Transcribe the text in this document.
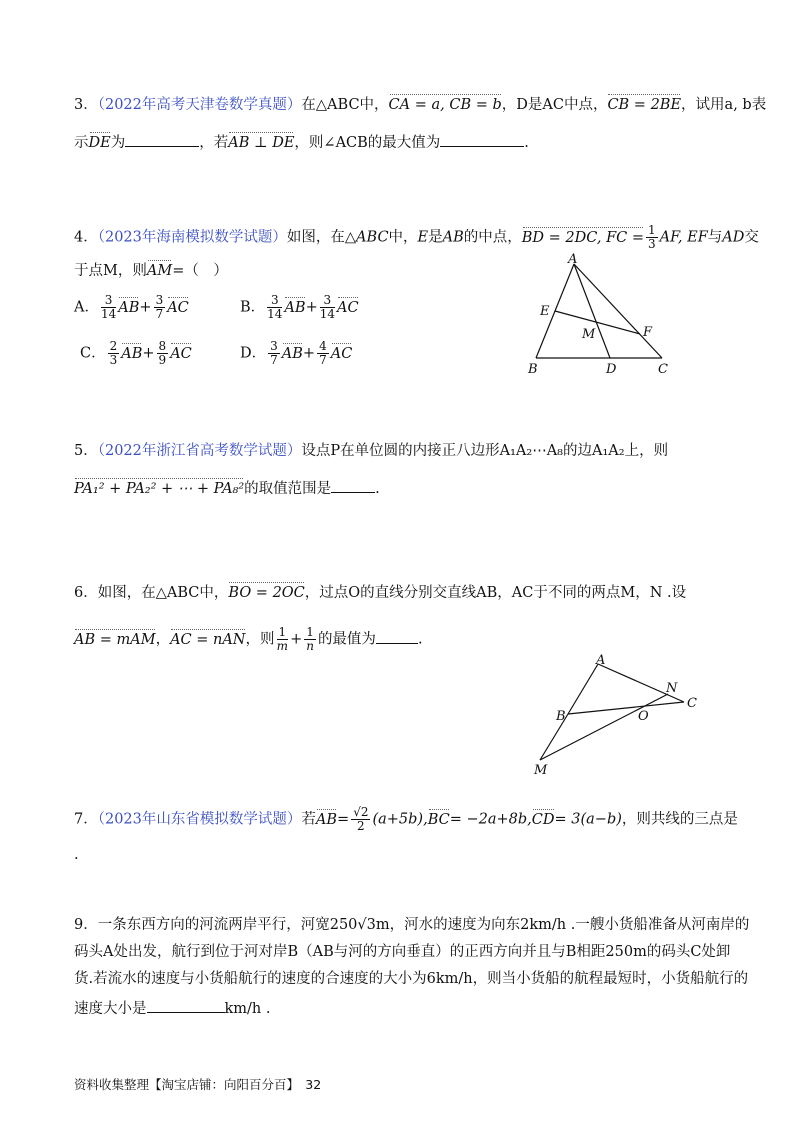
3．（2022年高考天津卷数学真题）在△ABC中，CA = a, CB = b，D是AC中点，CB = 2BE，试用a, b表
示DE为	，若AB ⊥ DE，则∠ACB的最大值为	.
4．（2023年海南模拟数学试题）如图，在△ABC中，E是AB的中点，BD = 2DC, FC = $\frac{1}{3}$ AF, EF与AD交
于点M，则AM=（　）
A． $\frac{3}{14} AB+ \frac{3}{7}$ AC	B． $\frac{3}{14} AB+ \frac{3}{14}$ AC
C． $\frac{2}{3} AB+ \frac{8}{9}$ AC	D． $\frac{3}{7} AB+ \frac{4}{7}$ AC
A
B	C
D
E
F
M
5．（2022年浙江省高考数学试题）设点P在单位圆的内接正八边形A₁A₂⋯A₈的边A₁A₂上，则
PA₁² + PA₂² + ⋯ + PA₈²的取值范围是	.
6．如图，在△ABC中，BO = 2OC，过点O的直线分别交直线AB，AC于不同的两点M，N .设
AB = mAM，AC = nAN，则 $\frac{1}{m} + \frac{1}{n}$ 的最值为	.
A
B
C
N
O
M
7．（2023年山东省模拟数学试题）若$AB= \frac{√2}{2} (a+5b),BC= -2a+8b,CD= 3(a-b)$，则共线的三点是
.
9．一条东西方向的河流两岸平行，河宽250√3m，河水的速度为向东2km/h .一艘小货船准备从河南岸的
码头A处出发，航行到位于河对岸B（AB与河的方向垂直）的正西方向并且与B相距250m的码头C处卸
货.若流水的速度与小货船航行的速度的合速度的大小为6km/h，则当小货船的航程最短时，小货船航行的
速度大小是	km/h .
资料收集整理【淘宝店铺：向阳百分百】　32
